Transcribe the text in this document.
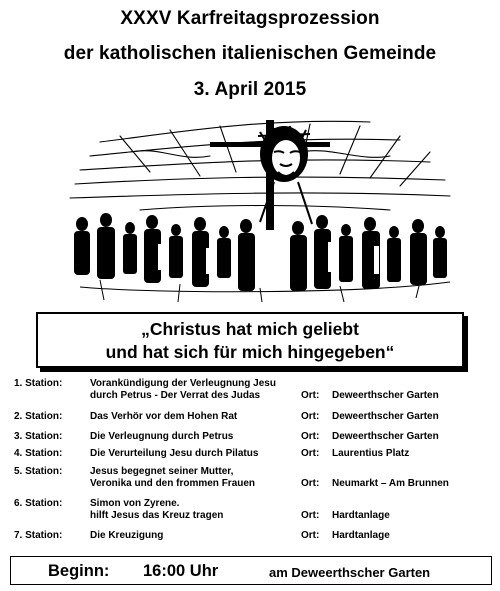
XXXV Karfreitagsprozession
der katholischen italienischen Gemeinde
3. April 2015
„Christus hat mich geliebt
und hat sich für mich hingegeben“
1. Station:	Vorankündigung der Verleugnung Jesu
durch Petrus - Der Verrat des Judas	Ort: Deweerthscher Garten
2. Station:	Das Verhör vor dem Hohen Rat	Ort: Deweerthscher Garten
3. Station:	Die Verleugnung durch Petrus	Ort: Deweerthscher Garten
4. Station:	Die Verurteilung Jesu durch Pilatus	Ort: Laurentius Platz
5. Station:	Jesus begegnet seiner Mutter,
Veronika und den frommen Frauen	Ort: Neumarkt – Am Brunnen
6. Station:	Simon von Zyrene.
hilft Jesus das Kreuz tragen	Ort: Hardtanlage
7. Station:	Die Kreuzigung	Ort: Hardtanlage
Beginn: 16:00 Uhr	am Deweerthscher Garten
